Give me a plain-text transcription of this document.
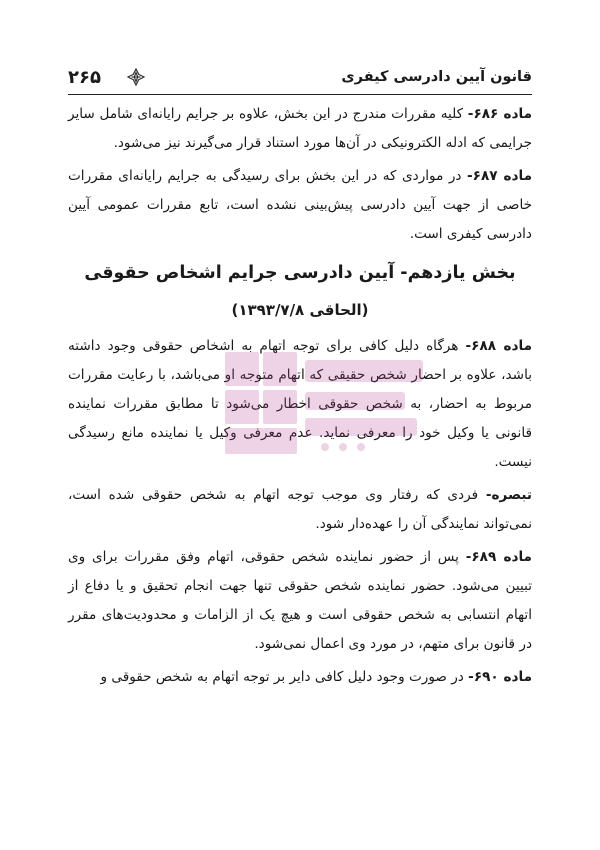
۲۶۵	قانون آیین دادرسی کیفری

ماده ۶۸۶- کلیه مقررات مندرج در این بخش، علاوه بر جرایم رایانه‌ای شامل سایر جرایمی که ادله الکترونیکی در آن‌ها مورد استناد قرار می‌گیرند نیز می‌شود.

ماده ۶۸۷- در مواردی که در این بخش برای رسیدگی به جرایم رایانه‌ای مقررات خاصی از جهت آیین دادرسی پیش‌بینی نشده است، تابع مقررات عمومی آیین دادرسی کیفری است.

بخش یازدهم- آیین دادرسی جرایم اشخاص حقوقی
(الحاقی ۱۳۹۳/۷/۸)

ماده ۶۸۸- هرگاه دلیل کافی برای توجه اتهام به اشخاص حقوقی وجود داشته باشد، علاوه بر احضار شخص حقیقی که اتهام متوجه او می‌باشد، با رعایت مقررات مربوط به احضار، به شخص حقوقی اخطار می‌شود تا مطابق مقررات نماینده قانونی یا وکیل خود را معرفی نماید. عدم معرفی وکیل یا نماینده مانع رسیدگی نیست.

تبصره- فردی که رفتار وی موجب توجه اتهام به شخص حقوقی شده است، نمی‌تواند نمایندگی آن را عهده‌دار شود.

ماده ۶۸۹- پس از حضور نماینده شخص حقوقی، اتهام وفق مقررات برای وی تبیین می‌شود. حضور نماینده شخص حقوقی تنها جهت انجام تحقیق و یا دفاع از اتهام انتسابی به شخص حقوقی است و هیچ یک از الزامات و محدودیت‌های مقرر در قانون برای متهم، در مورد وی اعمال نمی‌شود.

ماده ۶۹۰- در صورت وجود دلیل کافی دایر بر توجه اتهام به شخص حقوقی و
